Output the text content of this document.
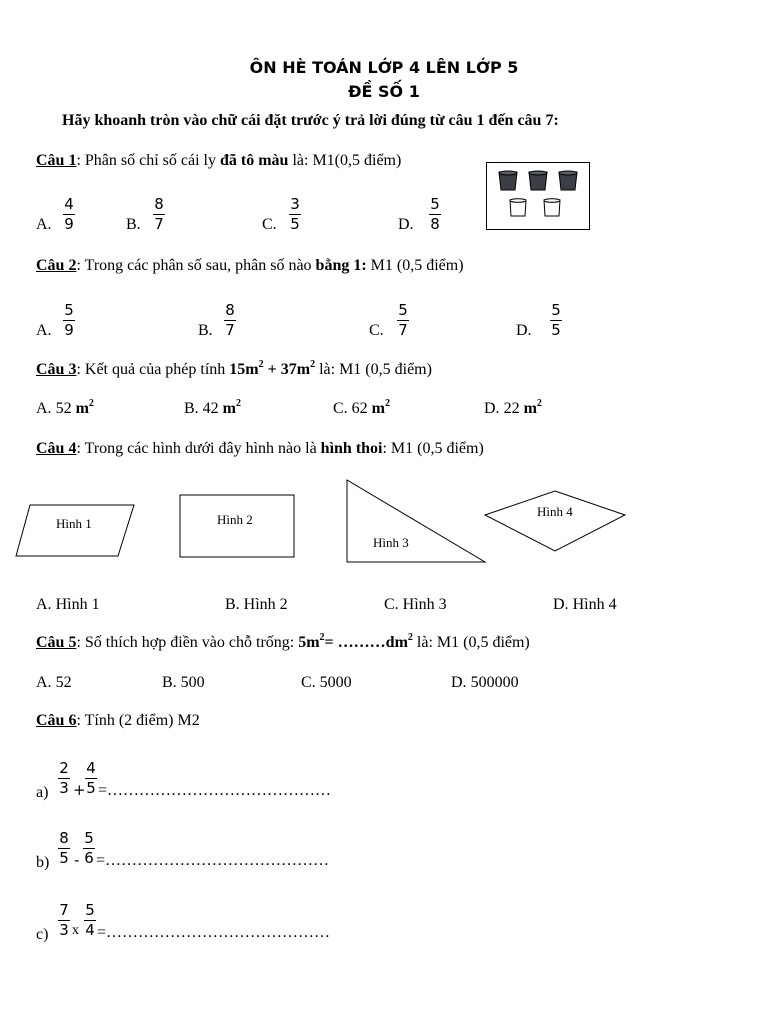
ÔN HÈ TOÁN LỚP 4 LÊN LỚP 5
ĐỀ SỐ 1
Hãy khoanh tròn vào chữ cái đặt trước ý trả lời đúng từ câu 1 đến câu 7:
Câu 1: Phân số chỉ số cái ly đã tô màu là: M1(0,5 điểm)
A.
4
9	B.
8
7	C.
3
5	D.
5
8
Câu 2: Trong các phân số sau, phân số nào bằng 1: M1 (0,5 điểm)
A.
5
9	B.
8
7	C.
5
7	D.
5
5
Câu 3: Kết quả của phép tính $15m^2 + 37m^2$ là: M1 (0,5 điểm)
A. 52 $m^2$	B. 42 $m^2$	C. 62 $m^2$	D. 22 $m^2$
Câu 4: Trong các hình dưới đây hình nào là hình thoi: M1 (0,5 điểm)
Hình 1	Hình 2
Hình 3
Hình 4
A. Hình 1	B. Hình 2	C. Hình 3	D. Hình 4
Câu 5: Số thích hợp điền vào chỗ trống: $5m^2=$ $\dots\dots\dots dm^2$ là: M1 (0,5 điểm)
A. 52	B. 500	C. 5000	D. 500000
Câu 6: Tính (2 điểm) M2
a)
2
3 +
4
5 =……………………………………
b)
8
5 -
5
6 =……………………………………
c)
7
3 x
5
4 =……………………………………
